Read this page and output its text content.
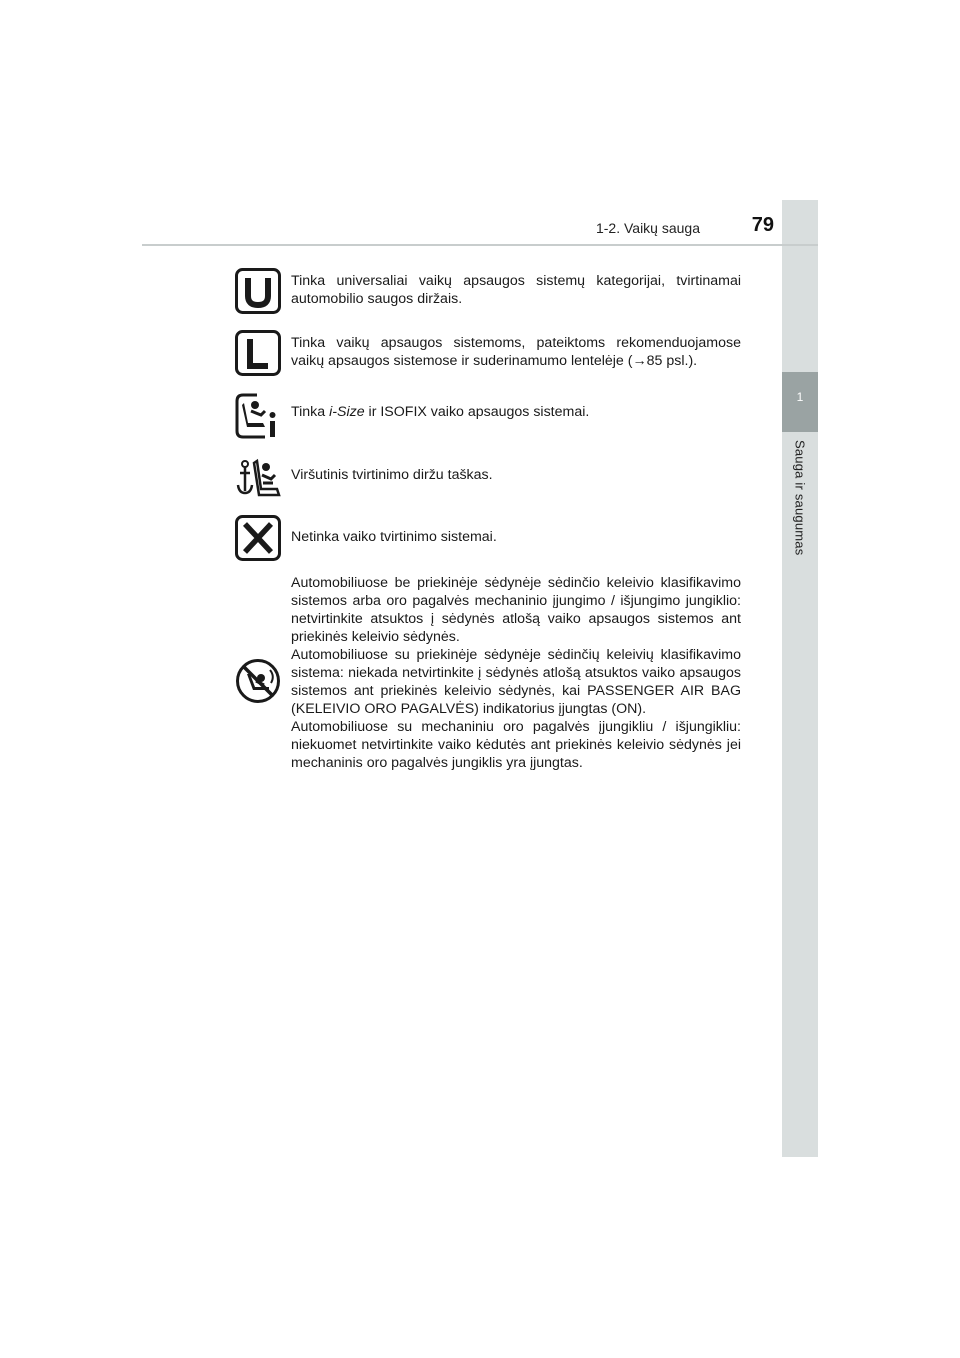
1
Sauga ir saugumas
1-2. Vaikų sauga	79
Tinka universaliai vaikų apsaugos sistemų kategorijai, tvirtinamai automobilio saugos diržais.
Tinka vaikų apsaugos sistemoms, pateiktoms rekomenduojamose vaikų apsaugos sistemose ir suderinamumo lentelėje (→85 psl.).
Tinka i-Size ir ISOFIX vaiko apsaugos sistemai.
Viršutinis tvirtinimo diržu taškas.
Netinka vaiko tvirtinimo sistemai.

Automobiliuose be priekinėje sėdynėje sėdinčio keleivio klasifikavimo sistemos arba oro pagalvės mechaninio įjungimo / išjungimo jungiklio: netvirtinkite atsuktos į sėdynės atlošą vaiko apsaugos sistemos ant priekinės keleivio sėdynės.

Automobiliuose su priekinėje sėdynėje sėdinčių keleivių klasifikavimo sistema: niekada netvirtinkite į sėdynės atlošą atsuktos vaiko apsaugos sistemos ant priekinės keleivio sėdynės, kai PASSENGER AIR BAG (KELEIVIO ORO PAGALVĖS) indikatorius įjungtas (ON).

Automobiliuose su mechaniniu oro pagalvės įjungikliu / išjungikliu: niekuomet netvirtinkite vaiko kėdutės ant priekinės keleivio sėdynės jei mechaninis oro pagalvės jungiklis yra įjungtas.
